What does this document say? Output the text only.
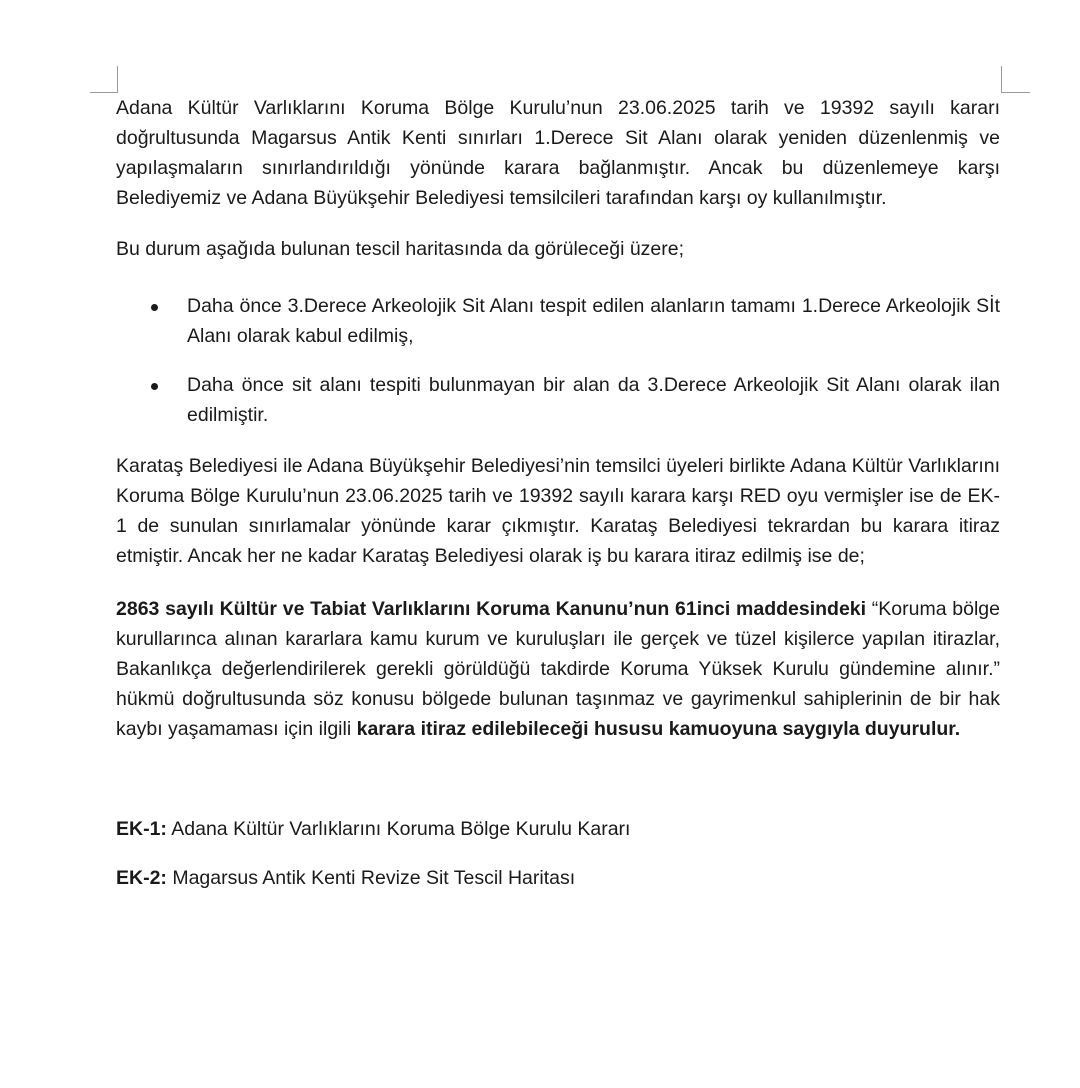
Adana Kültür Varlıklarını Koruma Bölge Kurulu’nun 23.06.2025 tarih ve 19392 sayılı kararı doğrultusunda Magarsus Antik Kenti sınırları 1.Derece Sit Alanı olarak yeniden düzenlenmiş ve yapılaşmaların sınırlandırıldığı yönünde karara bağlanmıştır. Ancak bu düzenlemeye karşı Belediyemiz ve Adana Büyükşehir Belediyesi temsilcileri tarafından karşı oy kullanılmıştır.

Bu durum aşağıda bulunan tescil haritasında da görüleceği üzere;

Daha önce 3.Derece Arkeolojik Sit Alanı tespit edilen alanların tamamı 1.Derece Arkeolojik Sİt Alanı olarak kabul edilmiş,
Daha önce sit alanı tespiti bulunmayan bir alan da 3.Derece Arkeolojik Sit Alanı olarak ilan edilmiştir.

Karataş Belediyesi ile Adana Büyükşehir Belediyesi’nin temsilci üyeleri birlikte Adana Kültür Varlıklarını Koruma Bölge Kurulu’nun 23.06.2025 tarih ve 19392 sayılı karara karşı RED oyu vermişler ise de EK-1 de sunulan sınırlamalar yönünde karar çıkmıştır. Karataş Belediyesi tekrardan bu karara itiraz etmiştir. Ancak her ne kadar Karataş Belediyesi olarak iş bu karara itiraz edilmiş ise de;

2863 sayılı Kültür ve Tabiat Varlıklarını Koruma Kanunu’nun 61inci maddesindeki “Koruma bölge kurullarınca alınan kararlara kamu kurum ve kuruluşları ile gerçek ve tüzel kişilerce yapılan itirazlar, Bakanlıkça değerlendirilerek gerekli görüldüğü takdirde Koruma Yüksek Kurulu gündemine alınır.” hükmü doğrultusunda söz konusu bölgede bulunan taşınmaz ve gayrimenkul sahiplerinin de bir hak kaybı yaşamaması için ilgili karara itiraz edilebileceği hususu kamuoyuna saygıyla duyurulur.

EK-1: Adana Kültür Varlıklarını Koruma Bölge Kurulu Kararı
EK-2: Magarsus Antik Kenti Revize Sit Tescil Haritası
